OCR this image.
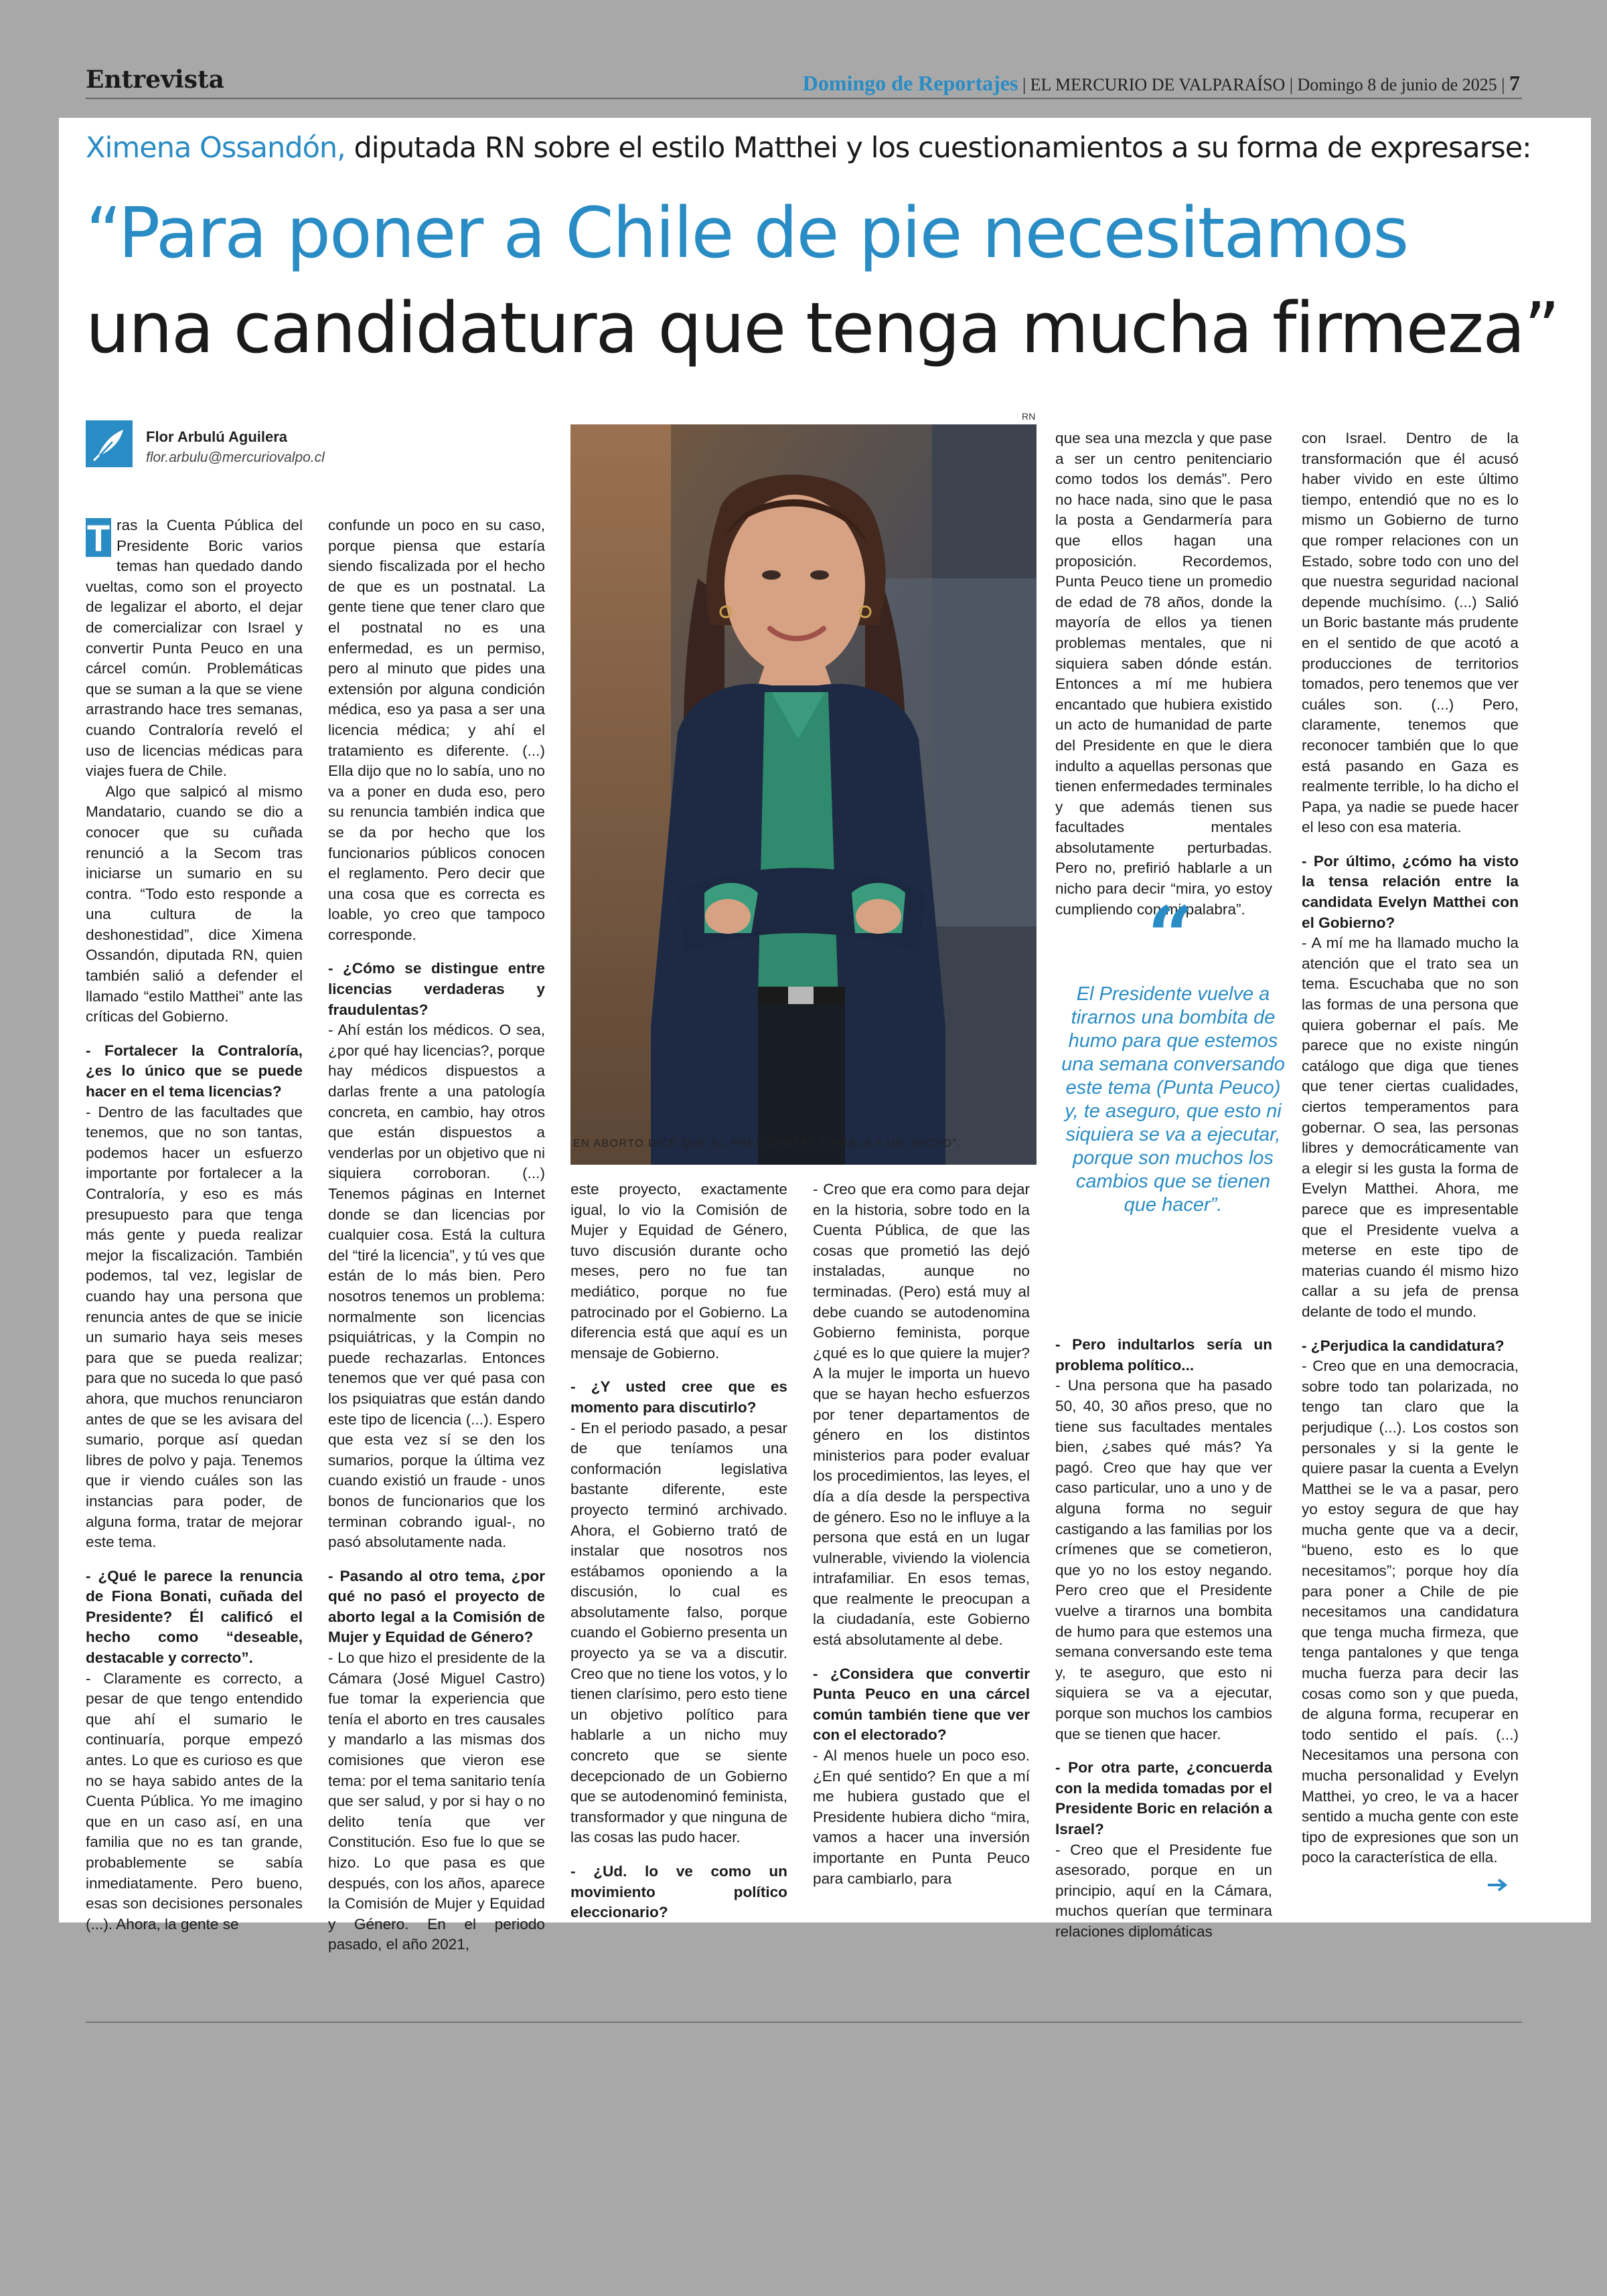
Entrevista	Domingo de Reportajes | EL MERCURIO DE VALPARAÍSO | Domingo 8 de junio de 2025 | 7
Ximena Ossandón, diputada RN sobre el estilo Matthei y los cuestionamientos a su forma de expresarse:
“Para poner a Chile de pie necesitamos
una candidatura que tenga mucha firmeza”
Flor Arbulú Aguilera
flor.arbulu@mercuriovalpo.cl

T ras la Cuenta Pública del Presidente Boric varios temas han quedado dando vueltas, como son el proyecto de legalizar el aborto, el dejar de comercializar con Israel y convertir Punta Peuco en una cárcel común. Problemáticas que se suman a la que se viene arrastrando hace tres semanas, cuando Contraloría reveló el uso de licencias médicas para viajes fuera de Chile.

Algo que salpicó al mismo Mandatario, cuando se dio a conocer que su cuñada renunció a la Secom tras iniciarse un sumario en su contra. “Todo esto responde a una cultura de la deshonestidad”, dice Ximena Ossandón, diputada RN, quien también salió a defender el llamado “estilo Matthei” ante las críticas del Gobierno.

- Fortalecer la Contraloría, ¿es lo único que se puede hacer en el tema licencias?

- Dentro de las facultades que tenemos, que no son tantas, podemos hacer un esfuerzo importante por fortalecer a la Contraloría, y eso es más presupuesto para que tenga más gente y pueda realizar mejor la fiscalización. También podemos, tal vez, legislar de cuando hay una persona que renuncia antes de que se inicie un sumario haya seis meses para que se pueda realizar; para que no suceda lo que pasó ahora, que muchos renunciaron antes de que se les avisara del sumario, porque así quedan libres de polvo y paja. Tenemos que ir viendo cuáles son las instancias para poder, de alguna forma, tratar de mejorar este tema.

- ¿Qué le parece la renuncia de Fiona Bonati, cuñada del Presidente? Él calificó el hecho como “deseable, destacable y correcto”.

- Claramente es correcto, a pesar de que tengo entendido que ahí el sumario le continuaría, porque empezó antes. Lo que es curioso es que no se haya sabido antes de la Cuenta Pública. Yo me imagino que en un caso así, en una familia que no es tan grande, probablemente se sabía inmediatamente. Pero bueno, esas son decisiones personales (...). Ahora, la gente se

confunde un poco en su caso, porque piensa que estaría siendo fiscalizada por el hecho de que es un postnatal. La gente tiene que tener claro que el postnatal no es una enfermedad, es un permiso, pero al minuto que pides una extensión por alguna condición médica, eso ya pasa a ser una licencia médica; y ahí el tratamiento es diferente. (...) Ella dijo que no lo sabía, uno no va a poner en duda eso, pero su renuncia también indica que se da por hecho que los funcionarios públicos conocen el reglamento. Pero decir que una cosa que es correcta es loable, yo creo que tampoco corresponde.

- ¿Cómo se distingue entre licencias verdaderas y fraudulentas?

- Ahí están los médicos. O sea, ¿por qué hay licencias?, porque hay médicos dispuestos a darlas frente a una patología concreta, en cambio, hay otros que están dispuestos a venderlas por un objetivo que ni siquiera corroboran. (...) Tenemos páginas en Internet donde se dan licencias por cualquier cosa. Está la cultura del “tiré la licencia”, y tú ves que están de lo más bien. Pero nosotros tenemos un problema: normalmente son licencias psiquiátricas, y la Compin no puede rechazarlas. Entonces tenemos que ver qué pasa con los psiquiatras que están dando este tipo de licencia (...). Espero que esta vez sí se den los sumarios, porque la última vez cuando existió un fraude - unos bonos de funcionarios que los terminan cobrando igual-, no pasó absolutamente nada.

- Pasando al otro tema, ¿por qué no pasó el proyecto de aborto legal a la Comisión de Mujer y Equidad de Género?

- Lo que hizo el presidente de la Cámara (José Miguel Castro) fue tomar la experiencia que tenía el aborto en tres causales y mandarlo a las mismas dos comisiones que vieron ese tema: por el tema sanitario tenía que ser salud, y por si hay o no delito tenía que ver Constitución. Eso fue lo que se hizo. Lo que pasa es que después, con los años, aparece la Comisión de Mujer y Equidad y Género. En el periodo pasado, el año 2021,

RN
EN ABORTO DICE QUE EL PRESIDENTE LE HABLA A UN “NICHO”.

este proyecto, exactamente igual, lo vio la Comisión de Mujer y Equidad de Género, tuvo discusión durante ocho meses, pero no fue tan mediático, porque no fue patrocinado por el Gobierno. La diferencia está que aquí es un mensaje de Gobierno.

- ¿Y usted cree que es momento para discutirlo?

- En el periodo pasado, a pesar de que teníamos una conformación legislativa bastante diferente, este proyecto terminó archivado. Ahora, el Gobierno trató de instalar que nosotros nos estábamos oponiendo a la discusión, lo cual es absolutamente falso, porque cuando el Gobierno presenta un proyecto ya se va a discutir. Creo que no tiene los votos, y lo tienen clarísimo, pero esto tiene un objetivo político para hablarle a un nicho muy concreto que se siente decepcionado de un Gobierno que se autodenominó feminista, transformador y que ninguna de las cosas las pudo hacer.

- ¿Ud. lo ve como un movimiento político eleccionario?

- Creo que era como para dejar en la historia, sobre todo en la Cuenta Pública, de que las cosas que prometió las dejó instaladas, aunque no terminadas. (Pero) está muy al debe cuando se autodenomina Gobierno feminista, porque ¿qué es lo que quiere la mujer? A la mujer le importa un huevo que se hayan hecho esfuerzos por tener departamentos de género en los distintos ministerios para poder evaluar los procedimientos, las leyes, el día a día desde la perspectiva de género. Eso no le influye a la persona que está en un lugar vulnerable, viviendo la violencia intrafamiliar. En esos temas, que realmente le preocupan a la ciudadanía, este Gobierno está absolutamente al debe.

- ¿Considera que convertir Punta Peuco en una cárcel común también tiene que ver con el electorado?

- Al menos huele un poco eso. ¿En qué sentido? En que a mí me hubiera gustado que el Presidente hubiera dicho “mira, vamos a hacer una inversión importante en Punta Peuco para cambiarlo, para

que sea una mezcla y que pase a ser un centro penitenciario como todos los demás”. Pero no hace nada, sino que le pasa la posta a Gendarmería para que ellos hagan una proposición. Recordemos, Punta Peuco tiene un promedio de edad de 78 años, donde la mayoría de ellos ya tienen problemas mentales, que ni siquiera saben dónde están. Entonces a mí me hubiera encantado que hubiera existido un acto de humanidad de parte del Presidente en que le diera indulto a aquellas personas que tienen enfermedades terminales y que además tienen sus facultades mentales absolutamente perturbadas. Pero no, prefirió hablarle a un nicho para decir “mira, yo estoy cumpliendo con mi palabra”.

- Pero indultarlos sería un problema político...

- Una persona que ha pasado 50, 40, 30 años preso, que no tiene sus facultades mentales bien, ¿sabes qué más? Ya pagó. Creo que hay que ver caso particular, uno a uno y de alguna forma no seguir castigando a las familias por los crímenes que se cometieron, que yo no los estoy negando. Pero creo que el Presidente vuelve a tirarnos una bombita de humo para que estemos una semana conversando este tema y, te aseguro, que esto ni siquiera se va a ejecutar, porque son muchos los cambios que se tienen que hacer.

- Por otra parte, ¿concuerda con la medida tomadas por el Presidente Boric en relación a Israel?

- Creo que el Presidente fue asesorado, porque en un principio, aquí en la Cámara, muchos querían que terminara relaciones diplomáticas

“
El Presidente vuelve a tirarnos una bombita de humo para que estemos una semana conversando este tema (Punta Peuco) y, te aseguro, que esto ni siquiera se va a ejecutar, porque son muchos los cambios que se tienen que hacer”.

con Israel. Dentro de la transformación que él acusó haber vivido en este último tiempo, entendió que no es lo mismo un Gobierno de turno que romper relaciones con un Estado, sobre todo con uno del que nuestra seguridad nacional depende muchísimo. (...) Salió un Boric bastante más prudente en el sentido de que acotó a producciones de territorios tomados, pero tenemos que ver cuáles son. (...) Pero, claramente, tenemos que reconocer también que lo que está pasando en Gaza es realmente terrible, lo ha dicho el Papa, ya nadie se puede hacer el leso con esa materia.

- Por último, ¿cómo ha visto la tensa relación entre la candidata Evelyn Matthei con el Gobierno?

- A mí me ha llamado mucho la atención que el trato sea un tema. Escuchaba que no son las formas de una persona que quiera gobernar el país. Me parece que no existe ningún catálogo que diga que tienes que tener ciertas cualidades, ciertos temperamentos para gobernar. O sea, las personas libres y democráticamente van a elegir si les gusta la forma de Evelyn Matthei. Ahora, me parece que es impresentable que el Presidente vuelva a meterse en este tipo de materias cuando él mismo hizo callar a su jefa de prensa delante de todo el mundo.

- ¿Perjudica la candidatura?

- Creo que en una democracia, sobre todo tan polarizada, no tengo tan claro que la perjudique (...). Los costos son personales y si la gente le quiere pasar la cuenta a Evelyn Matthei se le va a pasar, pero yo estoy segura de que hay mucha gente que va a decir, “bueno, esto es lo que necesitamos”; porque hoy día para poner a Chile de pie necesitamos una candidatura que tenga mucha firmeza, que tenga pantalones y que tenga mucha fuerza para decir las cosas como son y que pueda, de alguna forma, recuperar en todo sentido el país. (...) Necesitamos una persona con mucha personalidad y Evelyn Matthei, yo creo, le va a hacer sentido a mucha gente con este tipo de expresiones que son un poco la característica de ella.
